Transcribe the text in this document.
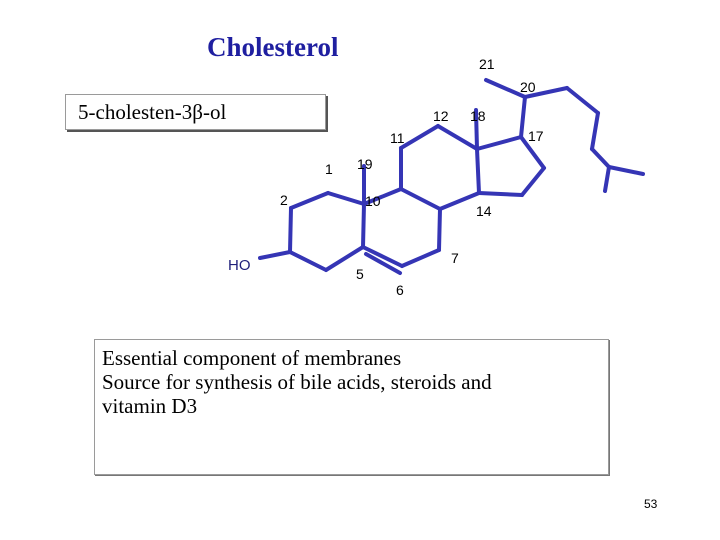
Cholesterol
5-cholesten-3β-ol
HO
1
2
5
6
7
10
11
12
14
17
18
19
20
21
Essential component of membranes
Source for synthesis of bile acids, steroids and
vitamin D3
53
